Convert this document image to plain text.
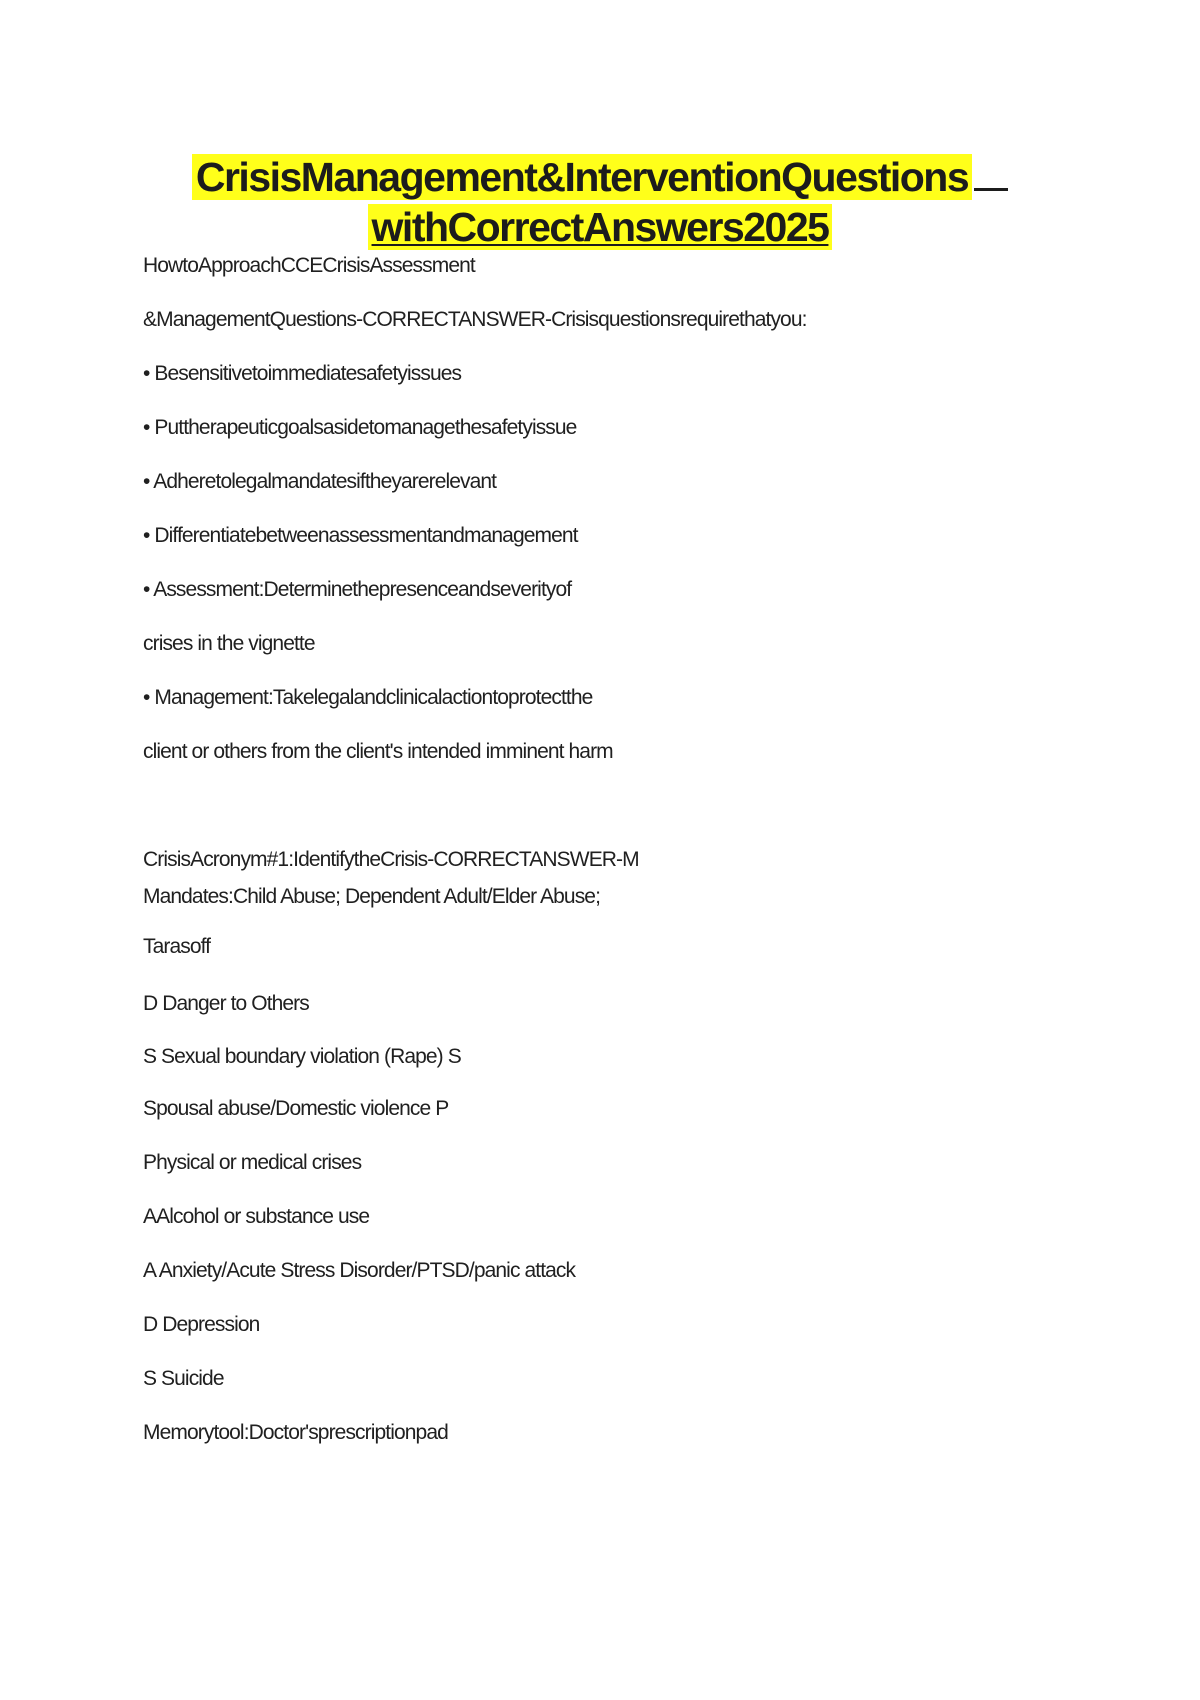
CrisisManagement&InterventionQuestions
withCorrectAnswers2025
HowtoApproachCCECrisisAssessment
&ManagementQuestions-CORRECTANSWER-Crisisquestionsrequirethatyou:
• Besensitivetoimmediatesafetyissues
• Puttherapeuticgoalsasidetomanagethesafetyissue
• Adheretolegalmandatesiftheyarerelevant
• Differentiatebetweenassessmentandmanagement
• Assessment:Determinethepresenceandseverityof
crises in the vignette
• Management:Takelegalandclinicalactiontoprotectthe
client or others from the client's intended imminent harm
CrisisAcronym#1:IdentifytheCrisis-CORRECTANSWER-M
Mandates:Child Abuse; Dependent Adult/Elder Abuse;
Tarasoff
D Danger to Others
S Sexual boundary violation (Rape) S
Spousal abuse/Domestic violence P
Physical or medical crises
AAlcohol or substance use
A Anxiety/Acute Stress Disorder/PTSD/panic attack
D Depression
S Suicide
Memorytool:Doctor'sprescriptionpad
